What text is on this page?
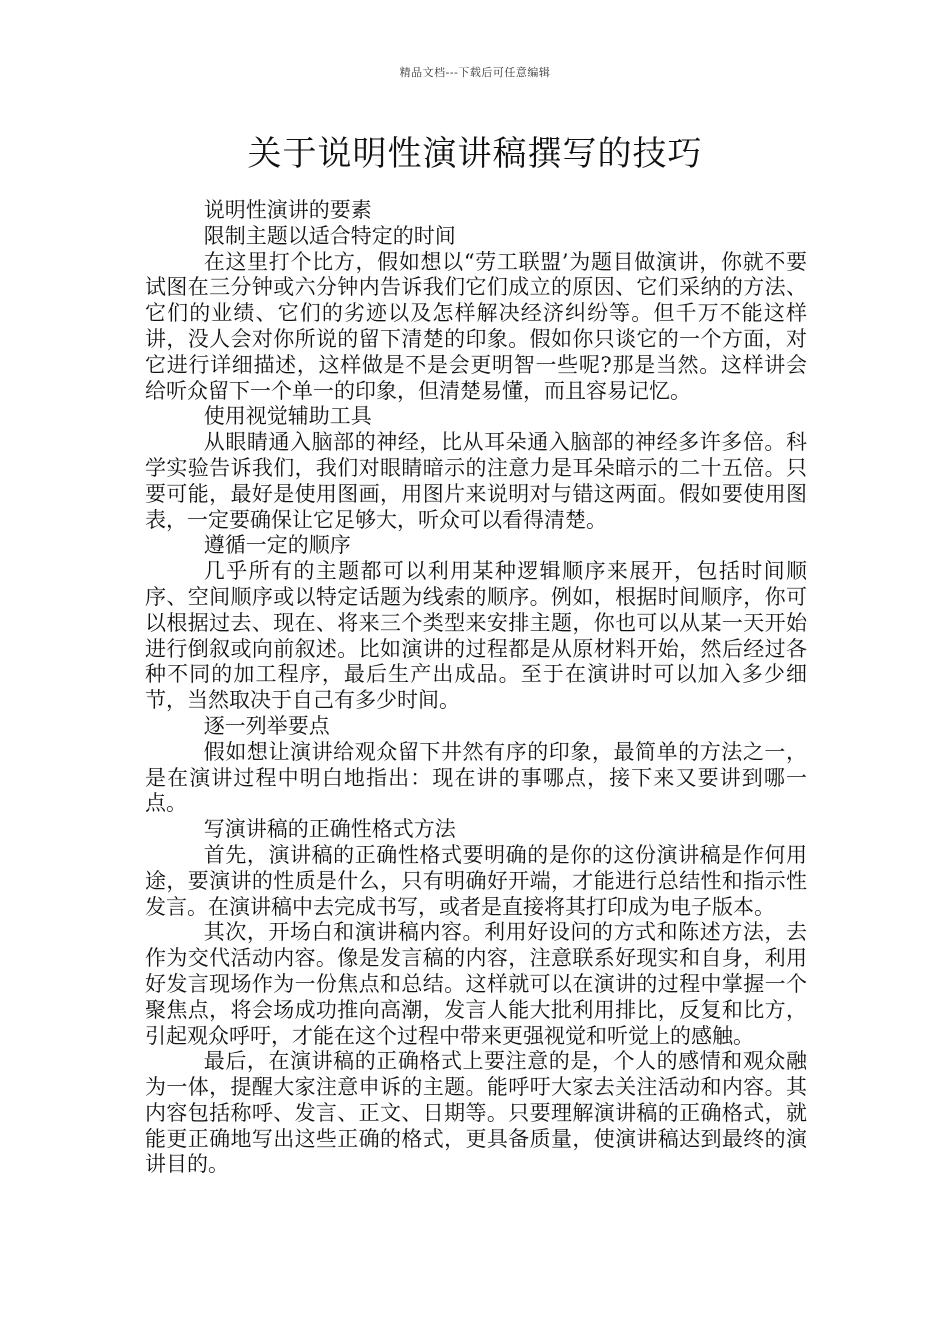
精品文档---下载后可任意编辑
关于说明性演讲稿撰写的技巧

说明性演讲的要素

限制主题以适合特定的时间

在这里打个比方，假如想以“劳工联盟’为题目做演讲，你就不要试图在三分钟或六分钟内告诉我们它们成立的原因、它们采纳的方法、它们的业绩、它们的劣迹以及怎样解决经济纠纷等。但千万不能这样讲，没人会对你所说的留下清楚的印象。假如你只谈它的一个方面，对它进行详细描述，这样做是不是会更明智一些呢?那是当然。这样讲会给听众留下一个单一的印象，但清楚易懂，而且容易记忆。

使用视觉辅助工具

从眼睛通入脑部的神经，比从耳朵通入脑部的神经多许多倍。科学实验告诉我们，我们对眼睛暗示的注意力是耳朵暗示的二十五倍。只要可能，最好是使用图画，用图片来说明对与错这两面。假如要使用图表，一定要确保让它足够大，听众可以看得清楚。

遵循一定的顺序

几乎所有的主题都可以利用某种逻辑顺序来展开，包括时间顺序、空间顺序或以特定话题为线索的顺序。例如，根据时间顺序，你可以根据过去、现在、将来三个类型来安排主题，你也可以从某一天开始进行倒叙或向前叙述。比如演讲的过程都是从原材料开始，然后经过各种不同的加工程序，最后生产出成品。至于在演讲时可以加入多少细节，当然取决于自己有多少时间。

逐一列举要点

假如想让演讲给观众留下井然有序的印象，最简单的方法之一，是在演讲过程中明白地指出：现在讲的事哪点，接下来又要讲到哪一点。

写演讲稿的正确性格式方法

首先，演讲稿的正确性格式要明确的是你的这份演讲稿是作何用途，要演讲的性质是什么，只有明确好开端，才能进行总结性和指示性发言。在演讲稿中去完成书写，或者是直接将其打印成为电子版本。

其次，开场白和演讲稿内容。利用好设问的方式和陈述方法，去作为交代活动内容。像是发言稿的内容，注意联系好现实和自身，利用好发言现场作为一份焦点和总结。这样就可以在演讲的过程中掌握一个聚焦点，将会场成功推向高潮，发言人能大批利用排比，反复和比方，引起观众呼吁，才能在这个过程中带来更强视觉和听觉上的感触。

最后，在演讲稿的正确格式上要注意的是，个人的感情和观众融为一体，提醒大家注意申诉的主题。能呼吁大家去关注活动和内容。其内容包括称呼、发言、正文、日期等。只要理解演讲稿的正确格式，就能更正确地写出这些正确的格式，更具备质量，使演讲稿达到最终的演讲目的。
